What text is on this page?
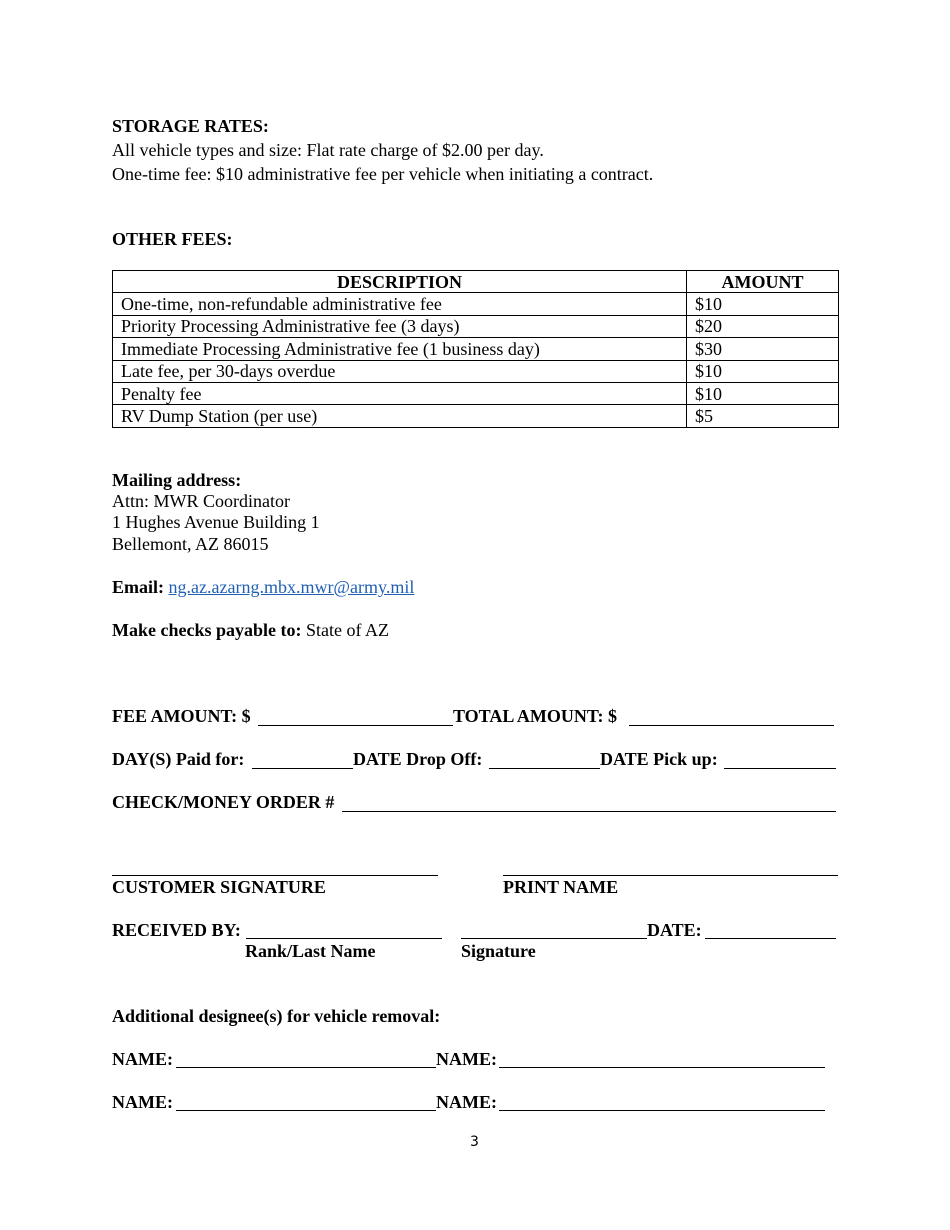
STORAGE RATES:
All vehicle types and size: Flat rate charge of $2.00 per day.
One-time fee: $10 administrative fee per vehicle when initiating a contract.
OTHER FEES:
DESCRIPTION	AMOUNT
One-time, non-refundable administrative fee	$10
Priority Processing Administrative fee (3 days)	$20
Immediate Processing Administrative fee (1 business day)	$30
Late fee, per 30-days overdue	$10
Penalty fee	$10
RV Dump Station (per use)	$5
Mailing address:
Attn: MWR Coordinator
1 Hughes Avenue Building 1
Bellemont, AZ 86015
Email: ng.az.azarng.mbx.mwr@army.mil
Make checks payable to: State of AZ
FEE AMOUNT: $	TOTAL AMOUNT: $
DAY(S) Paid for:	DATE Drop Off:	DATE Pick up:
CHECK/MONEY ORDER #
CUSTOMER SIGNATURE	PRINT NAME
RECEIVED BY:	DATE:
Rank/Last Name	Signature
Additional designee(s) for vehicle removal:
NAME:	NAME:
NAME:	NAME:
3
